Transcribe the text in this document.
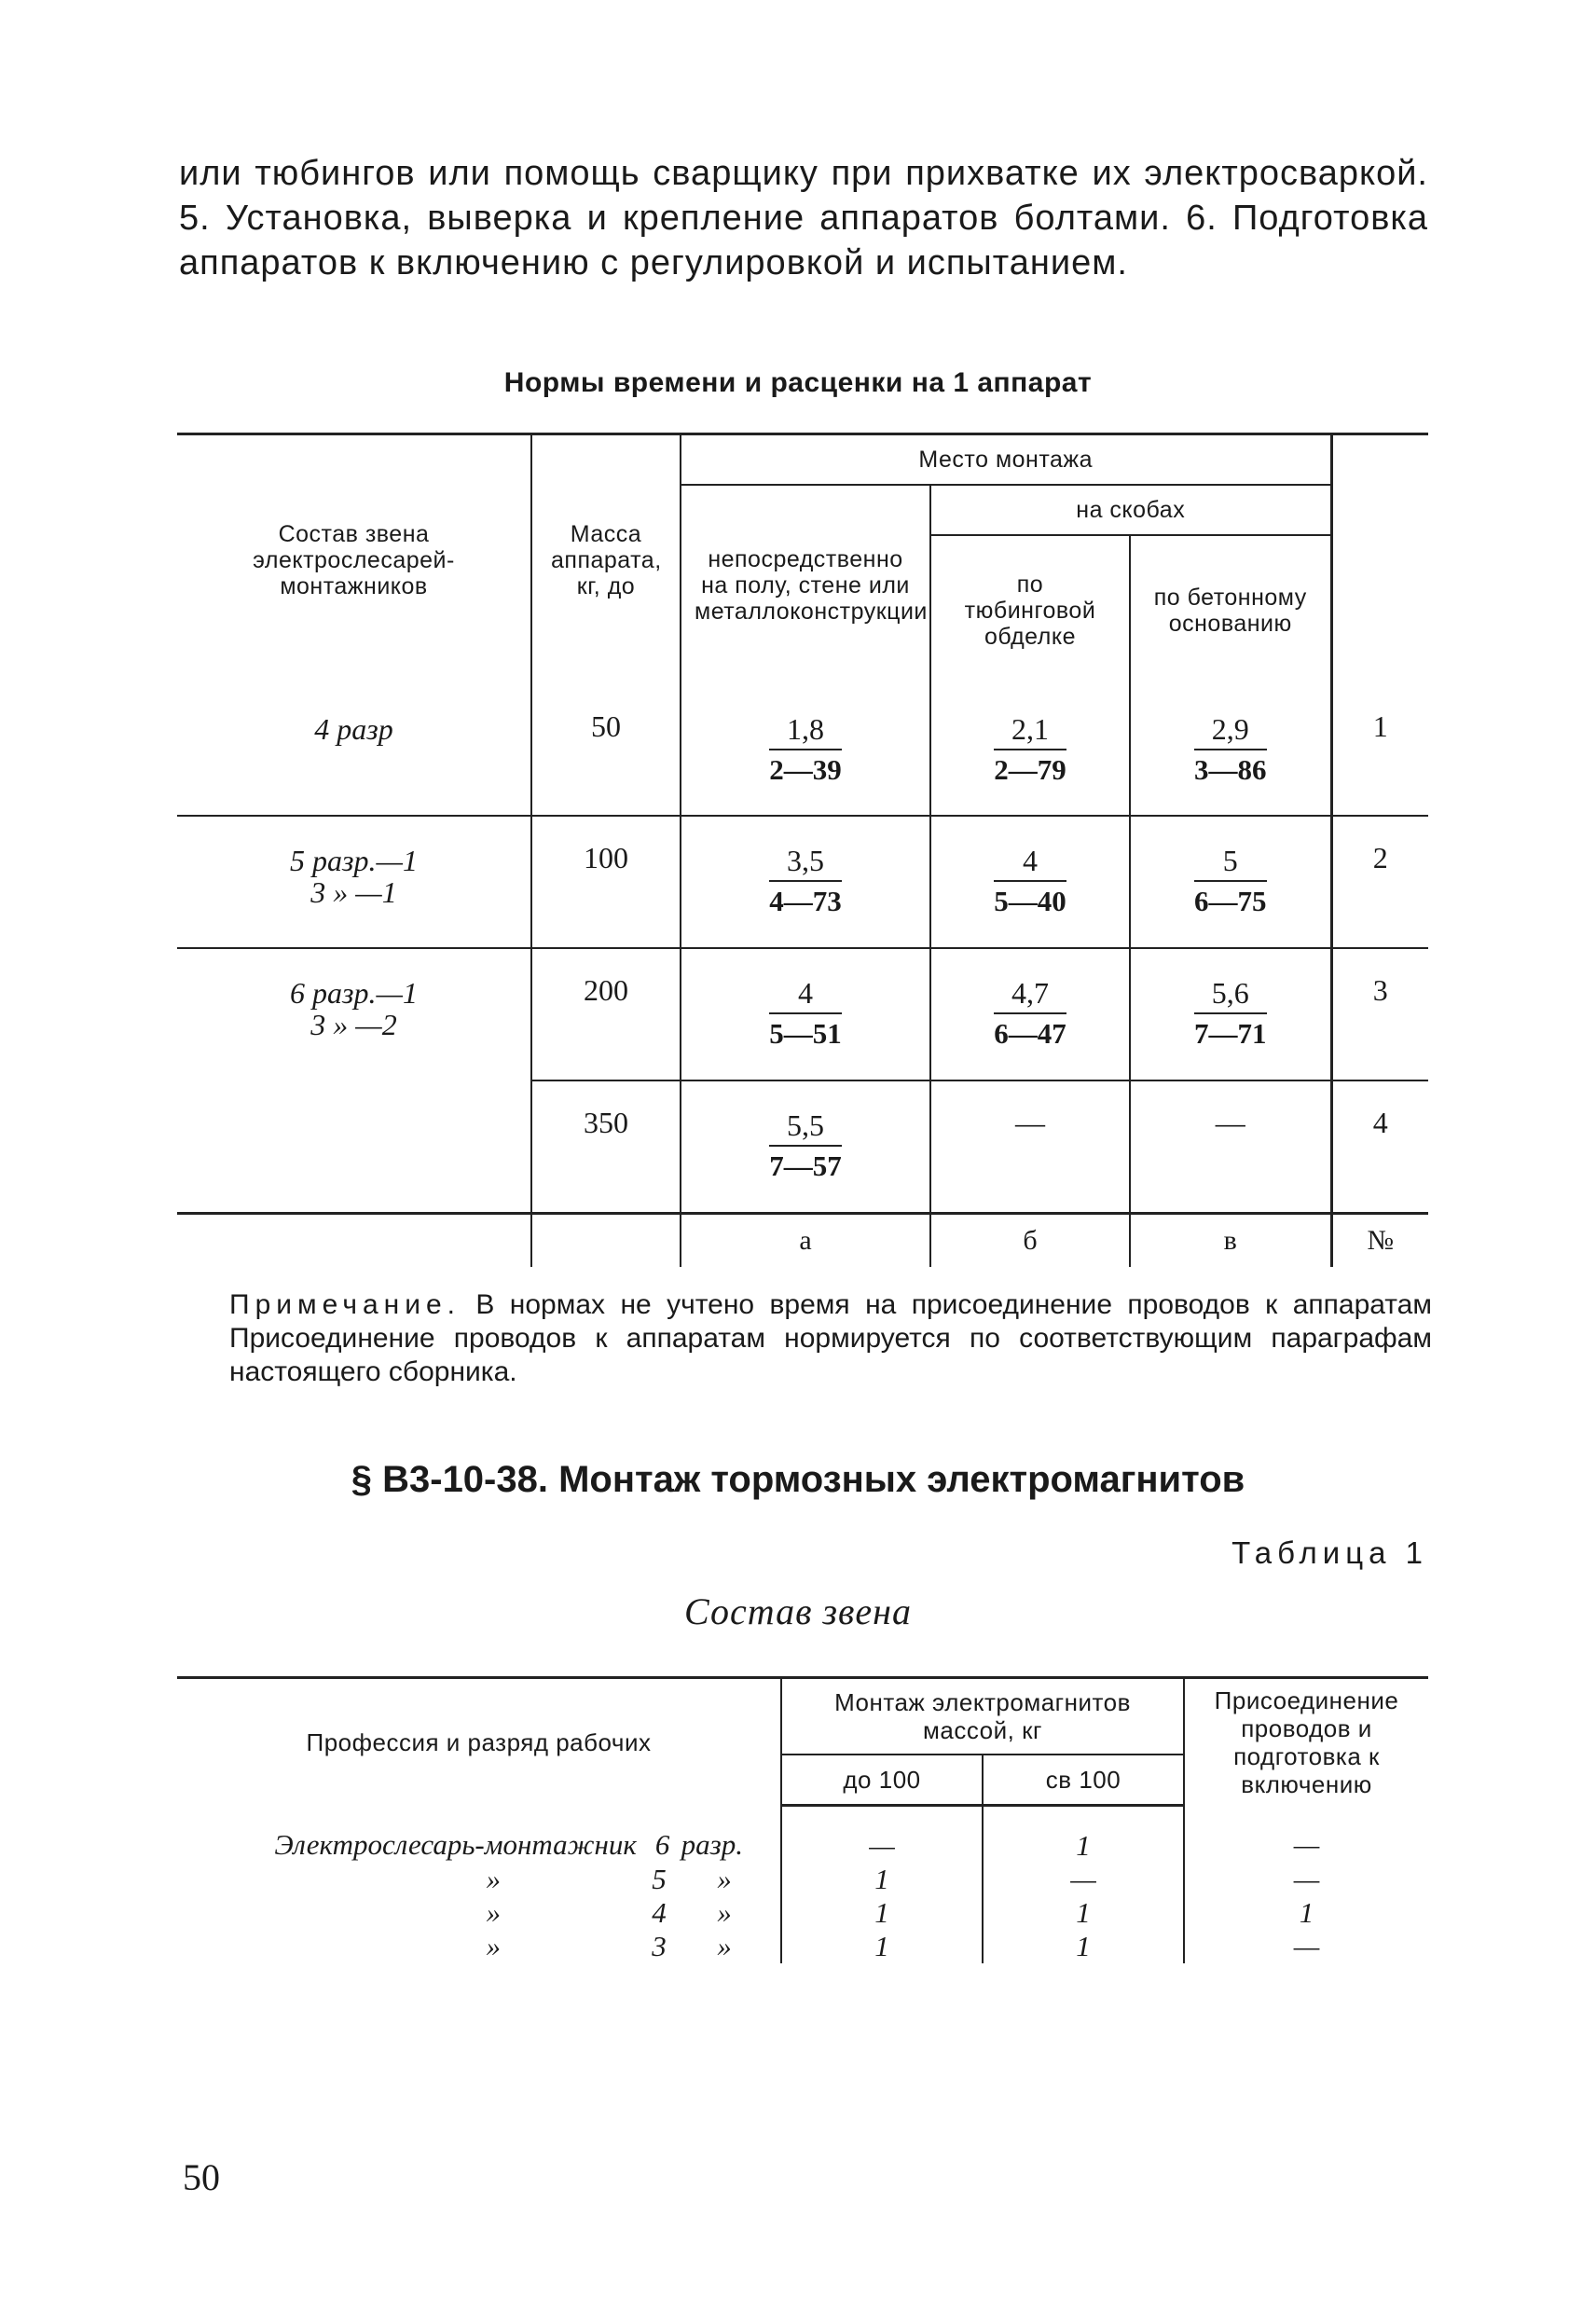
или тюбингов или помощь сварщику при прихватке их электросваркой. 5. Установка, выверка и крепление аппаратов болтами. 6. Подготовка аппаратов к включению с регулировкой и испытанием.

Нормы времени и расценки на 1 аппарат
Состав звена электрослесарей-монтажников	Масса аппарата, кг, до	Место монтажа			
		непосредственно на полу, стене или металлоконструкции	на скобах		
			по тюбинговой обделке	по бетонному основанию	

4 разр	50	$\frac{1,8}{2—39}$	$\frac{2,1}{2—79}$	$\frac{2,9}{3—86}$	1

5 разр.—1
3 » —1	100	$\frac{3,5}{4—73}$	$\frac{4}{5—40}$	$\frac{5}{6—75}$	2

6 разр.—1
3 » —2	200	$\frac{4}{5—51}$	$\frac{4,7}{6—47}$	$\frac{5,6}{7—71}$	3
	350	$\frac{5,5}{7—57}$	—	—	4
		а	б	в	№

Примечание. В нормах не учтено время на присоединение проводов к аппаратам Присоединение проводов к аппаратам нормируется по соответствующим параграфам настоящего сборника.

§ В3-10-38. Монтаж тормозных электромагнитов
Таблица 1
Состав звена
Профессия и разряд рабочих	Монтаж электромагнитов массой, кг		Присоединение проводов и подготовка к включению
	до 100	св 100	
Электрослесарь-монтажник 6 разр.	—	1	—
» 5 »	1	—	—
» 4 »	1	1	1
» 3 »	1	1	—
50
